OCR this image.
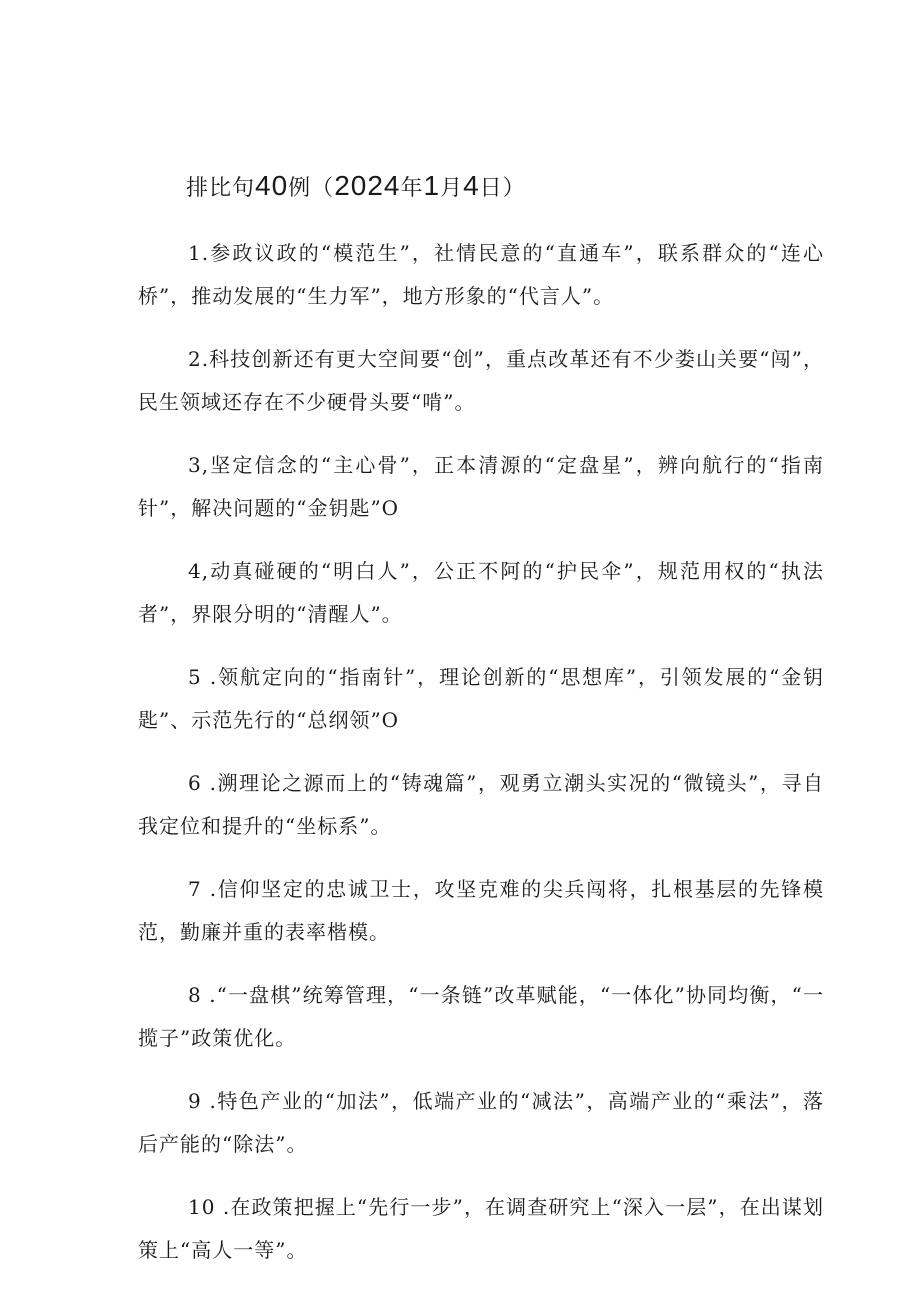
排比句40例（2024年1月4日）

1.参政议政的“模范生”，社情民意的“直通车”，联系群众的“连心桥”，推动发展的“生力军”，地方形象的“代言人”。

2.科技创新还有更大空间要“创”，重点改革还有不少娄山关要“闯”，民生领域还存在不少硬骨头要“啃”。

3,坚定信念的“主心骨”，正本清源的“定盘星”，辨向航行的“指南针”，解决问题的“金钥匙”O

4,动真碰硬的“明白人”，公正不阿的“护民伞”，规范用权的“执法者”，界限分明的“清醒人”。

5 .领航定向的“指南针”，理论创新的“思想库”，引领发展的“金钥匙”、示范先行的“总纲领”O

6 .溯理论之源而上的“铸魂篇”，观勇立潮头实况的“微镜头”，寻自我定位和提升的“坐标系”。

7 .信仰坚定的忠诚卫士，攻坚克难的尖兵闯将，扎根基层的先锋模范，勤廉并重的表率楷模。

8 .“一盘棋”统筹管理，“一条链”改革赋能，“一体化”协同均衡，“一揽子”政策优化。

9 .特色产业的“加法”，低端产业的“减法”，高端产业的“乘法”，落后产能的“除法”。

10 .在政策把握上“先行一步”，在调查研究上“深入一层”，在出谋划策上“高人一等”。
